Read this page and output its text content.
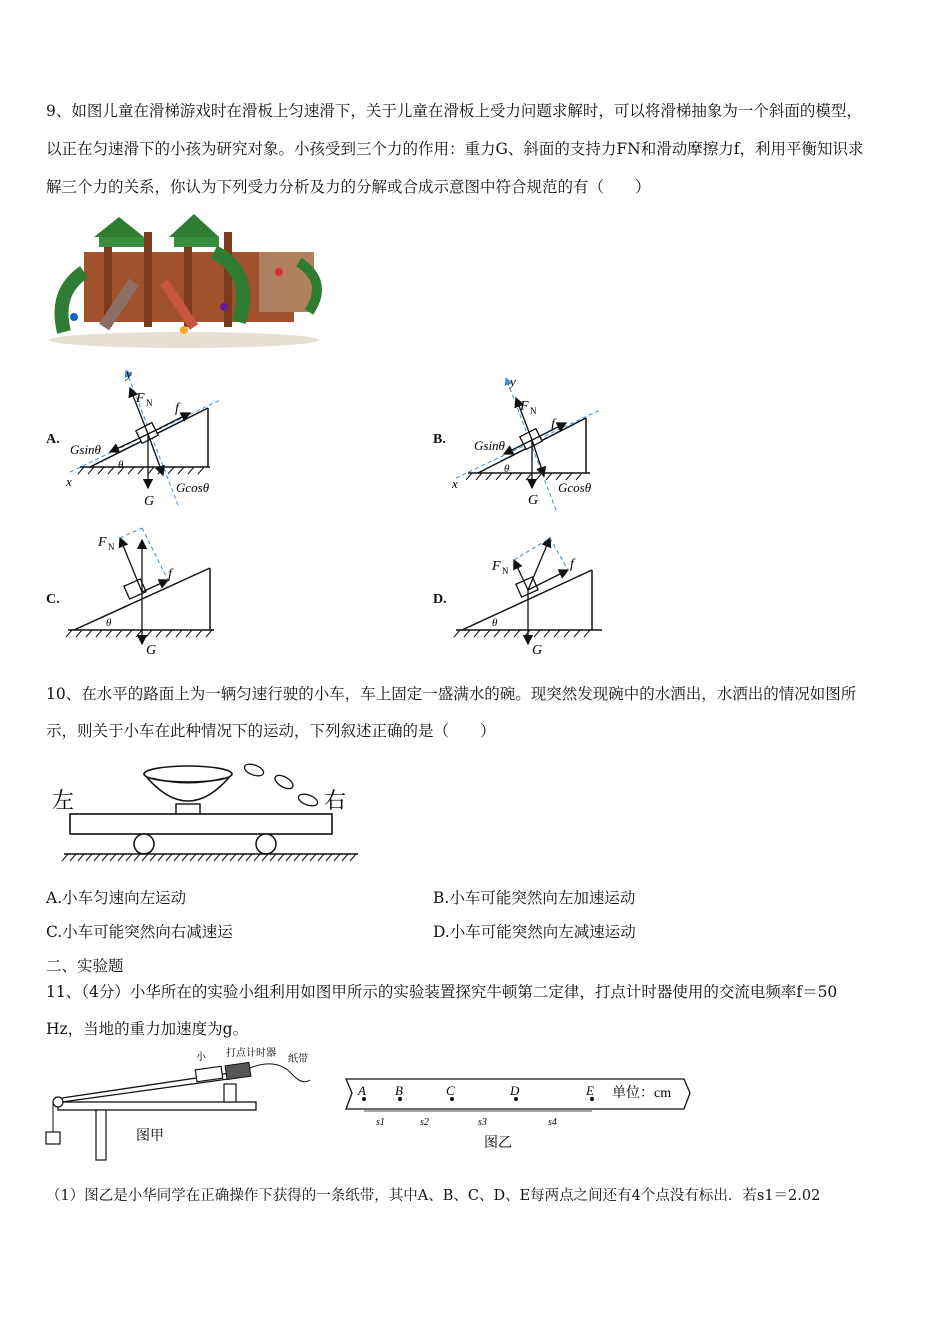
9、如图儿童在滑梯游戏时在滑板上匀速滑下，关于儿童在滑板上受力问题求解时，可以将滑梯抽象为一个斜面的模型，
以正在匀速滑下的小孩为研究对象。小孩受到三个力的作用：重力G、斜面的支持力FN和滑动摩擦力f，利用平衡知识求
解三个力的关系，你认为下列受力分析及力的分解或合成示意图中符合规范的有（　　）
A.	B.
C.	D.
y
F N f
Gsinθ
θ
x
G
Gcosθ
y
F N
f
Gsinθ
θ
x
G
Gcosθ
F N
f
θ
G
F N	f
θ
G
10、在水平的路面上为一辆匀速行驶的小车，车上固定一盛满水的碗。现突然发现碗中的水洒出，水洒出的情况如图所
示，则关于小车在此种情况下的运动，下列叙述正确的是（　　）
左	右
A.小车匀速向左运动	B.小车可能突然向左加速运动
C.小车可能突然向右减速运	D.小车可能突然向左减速运动
二、实验题
11、（4分）小华所在的实验小组利用如图甲所示的实验装置探究牛顿第二定律，打点计时器使用的交流电频率f＝50
Hz，当地的重力加速度为g。
小 打点计时器
纸带
图甲
A B	C	D	E 单位：cm
s1	s2	s3	s4
图乙
（1）图乙是小华同学在正确操作下获得的一条纸带，其中A、B、C、D、E每两点之间还有4个点没有标出．若s1＝2.02
